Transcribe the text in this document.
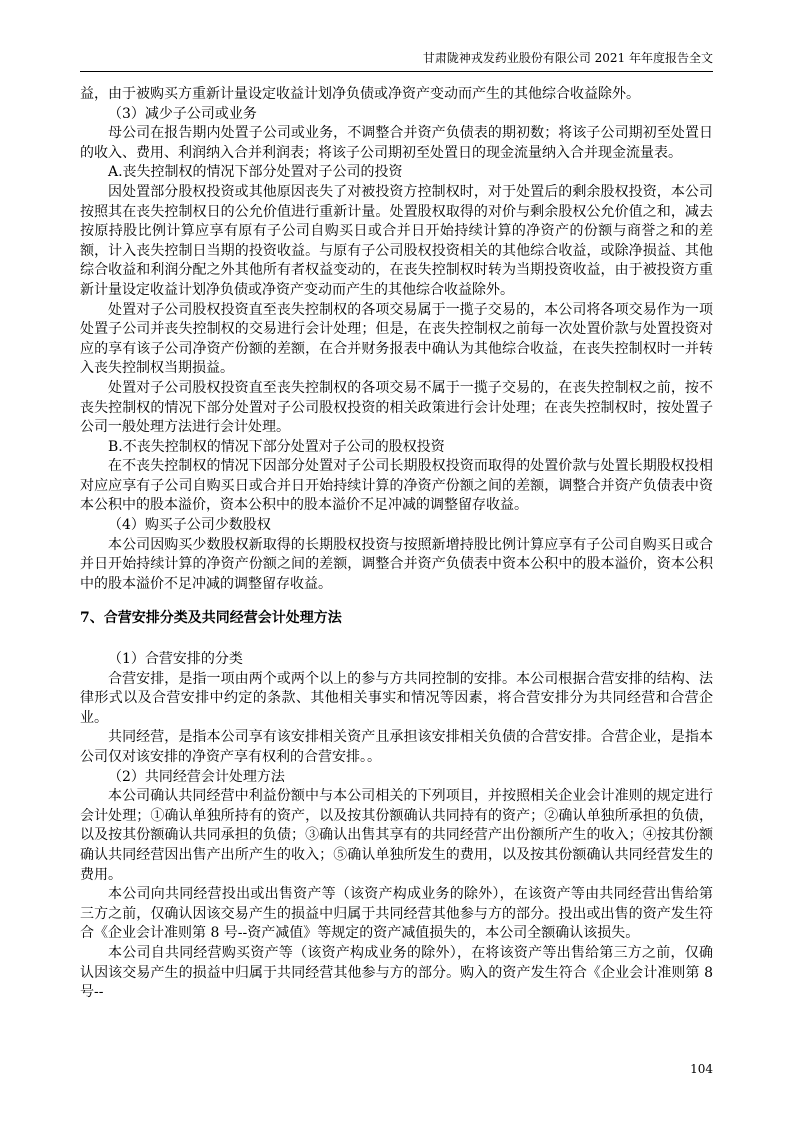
甘肃陇神戎发药业股份有限公司 2021 年年度报告全文

益，由于被购买方重新计量设定收益计划净负债或净资产变动而产生的其他综合收益除外。

（3）减少子公司或业务

母公司在报告期内处置子公司或业务，不调整合并资产负债表的期初数；将该子公司期初至处置日的收入、费用、利润纳入合并利润表；将该子公司期初至处置日的现金流量纳入合并现金流量表。

A.丧失控制权的情况下部分处置对子公司的投资

因处置部分股权投资或其他原因丧失了对被投资方控制权时，对于处置后的剩余股权投资，本公司按照其在丧失控制权日的公允价值进行重新计量。处置股权取得的对价与剩余股权公允价值之和，减去按原持股比例计算应享有原有子公司自购买日或合并日开始持续计算的净资产的份额与商誉之和的差额，计入丧失控制日当期的投资收益。与原有子公司股权投资相关的其他综合收益，或除净损益、其他综合收益和利润分配之外其他所有者权益变动的，在丧失控制权时转为当期投资收益，由于被投资方重新计量设定收益计划净负债或净资产变动而产生的其他综合收益除外。

处置对子公司股权投资直至丧失控制权的各项交易属于一揽子交易的，本公司将各项交易作为一项处置子公司并丧失控制权的交易进行会计处理；但是，在丧失控制权之前每一次处置价款与处置投资对应的享有该子公司净资产份额的差额，在合并财务报表中确认为其他综合收益，在丧失控制权时一并转入丧失控制权当期损益。

处置对子公司股权投资直至丧失控制权的各项交易不属于一揽子交易的，在丧失控制权之前，按不丧失控制权的情况下部分处置对子公司股权投资的相关政策进行会计处理；在丧失控制权时，按处置子公司一般处理方法进行会计处理。

B.不丧失控制权的情况下部分处置对子公司的股权投资

在不丧失控制权的情况下因部分处置对子公司长期股权投资而取得的处置价款与处置长期股权投相对应应享有子公司自购买日或合并日开始持续计算的净资产份额之间的差额，调整合并资产负债表中资本公积中的股本溢价，资本公积中的股本溢价不足冲减的调整留存收益。

（4）购买子公司少数股权

本公司因购买少数股权新取得的长期股权投资与按照新增持股比例计算应享有子公司自购买日或合并日开始持续计算的净资产份额之间的差额，调整合并资产负债表中资本公积中的股本溢价，资本公积中的股本溢价不足冲减的调整留存收益。

7、合营安排分类及共同经营会计处理方法

（1）合营安排的分类

合营安排，是指一项由两个或两个以上的参与方共同控制的安排。本公司根据合营安排的结构、法律形式以及合营安排中约定的条款、其他相关事实和情况等因素，将合营安排分为共同经营和合营企业。

共同经营，是指本公司享有该安排相关资产且承担该安排相关负债的合营安排。合营企业，是指本公司仅对该安排的净资产享有权利的合营安排。。

（2）共同经营会计处理方法

本公司确认共同经营中利益份额中与本公司相关的下列项目，并按照相关企业会计准则的规定进行会计处理；①确认单独所持有的资产，以及按其份额确认共同持有的资产；②确认单独所承担的负债，以及按其份额确认共同承担的负债；③确认出售其享有的共同经营产出份额所产生的收入；④按其份额确认共同经营因出售产出所产生的收入；⑤确认单独所发生的费用，以及按其份额确认共同经营发生的费用。

本公司向共同经营投出或出售资产等（该资产构成业务的除外），在该资产等由共同经营出售给第三方之前，仅确认因该交易产生的损益中归属于共同经营其他参与方的部分。投出或出售的资产发生符合《企业会计准则第 8 号--资产减值》等规定的资产减值损失的，本公司全额确认该损失。

本公司自共同经营购买资产等（该资产构成业务的除外），在将该资产等出售给第三方之前，仅确认因该交易产生的损益中归属于共同经营其他参与方的部分。购入的资产发生符合《企业会计准则第 8 号--

104
